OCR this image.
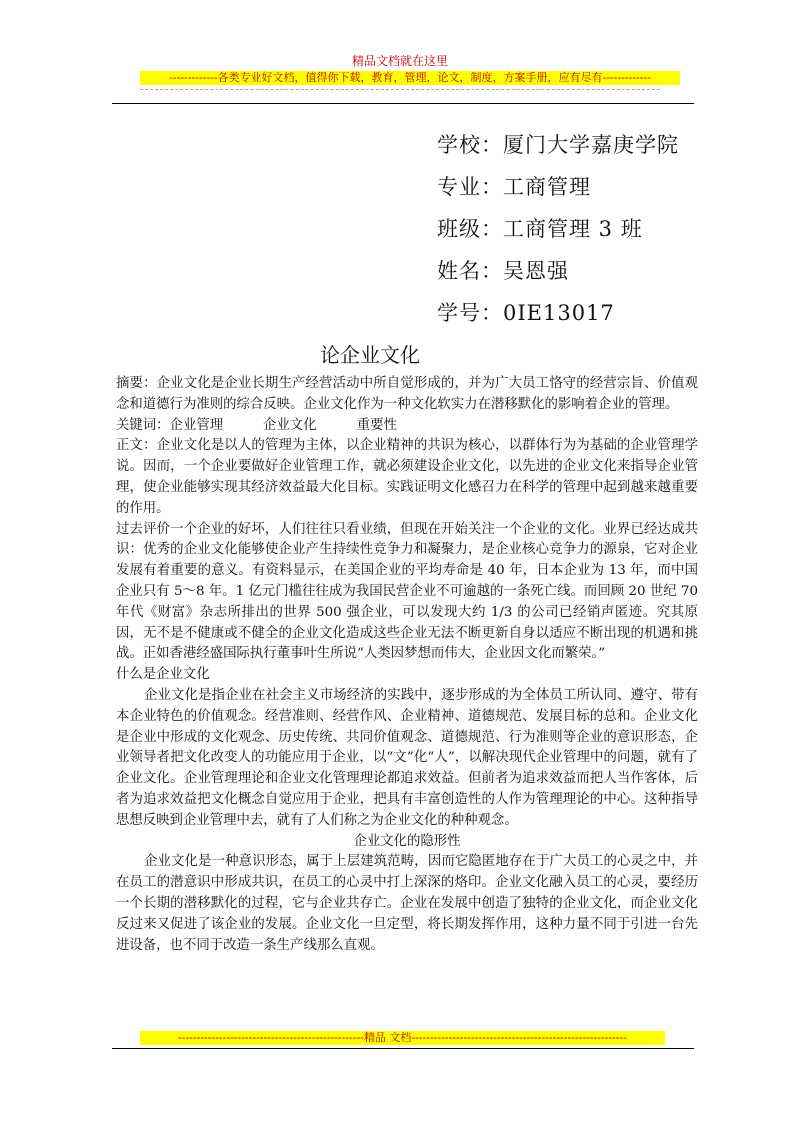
精品文档就在这里
-------------各类专业好文档，值得你下载，教育，管理，论文，制度，方案手册，应有尽有-------------
学校：厦门大学嘉庚学院
专业：工商管理
班级：工商管理 3 班
姓名：吴恩强
学号：0IE13017
论企业文化

摘要：企业文化是企业长期生产经营活动中所自觉形成的，并为广大员工恪守的经营宗旨、价值观念和道德行为准则的综合反映。企业文化作为一种文化软实力在潜移默化的影响着企业的管理。

关键词：企业管理	企业文化	重要性

正文：企业文化是以人的管理为主体，以企业精神的共识为核心，以群体行为为基础的企业管理学说。因而，一个企业要做好企业管理工作，就必须建设企业文化，以先进的企业文化来指导企业管理，使企业能够实现其经济效益最大化目标。实践证明文化感召力在科学的管理中起到越来越重要的作用。

过去评价一个企业的好坏，人们往往只看业绩，但现在开始关注一个企业的文化。业界已经达成共识：优秀的企业文化能够使企业产生持续性竞争力和凝聚力，是企业核心竞争力的源泉，它对企业发展有着重要的意义。有资料显示，在美国企业的平均寿命是 40 年，日本企业为 13 年，而中国企业只有 5～8 年。1 亿元门槛往往成为我国民营企业不可逾越的一条死亡线。而回顾 20 世纪 70 年代《财富》杂志所排出的世界 500 强企业，可以发现大约 1/3 的公司已经销声匿迹。究其原因，无不是不健康或不健全的企业文化造成这些企业无法不断更新自身以适应不断出现的机遇和挑战。正如香港经盛国际执行董事叶生所说“人类因梦想而伟大，企业因文化而繁荣。”

什么是企业文化

企业文化是指企业在社会主义市场经济的实践中，逐步形成的为全体员工所认同、遵守、带有本企业特色的价值观念。经营准则、经营作风、企业精神、道德规范、发展目标的总和。企业文化是企业中形成的文化观念、历史传统、共同价值观念、道德规范、行为准则等企业的意识形态，企业领导者把文化改变人的功能应用于企业，以“文”化“人”，以解决现代企业管理中的问题，就有了企业文化。企业管理理论和企业文化管理理论都追求效益。但前者为追求效益而把人当作客体，后者为追求效益把文化概念自觉应用于企业，把具有丰富创造性的人作为管理理论的中心。这种指导思想反映到企业管理中去，就有了人们称之为企业文化的种种观念。

企业文化的隐形性

企业文化是一种意识形态，属于上层建筑范畴，因而它隐匿地存在于广大员工的心灵之中，并在员工的潜意识中形成共识，在员工的心灵中打上深深的烙印。企业文化融入员工的心灵，要经历一个长期的潜移默化的过程，它与企业共存亡。企业在发展中创造了独特的企业文化，而企业文化反过来又促进了该企业的发展。企业文化一旦定型，将长期发挥作用，这种力量不同于引进一台先进设备，也不同于改造一条生产线那么直观。

--------------------------------------------------精品 文档----------------------------------------------------------
